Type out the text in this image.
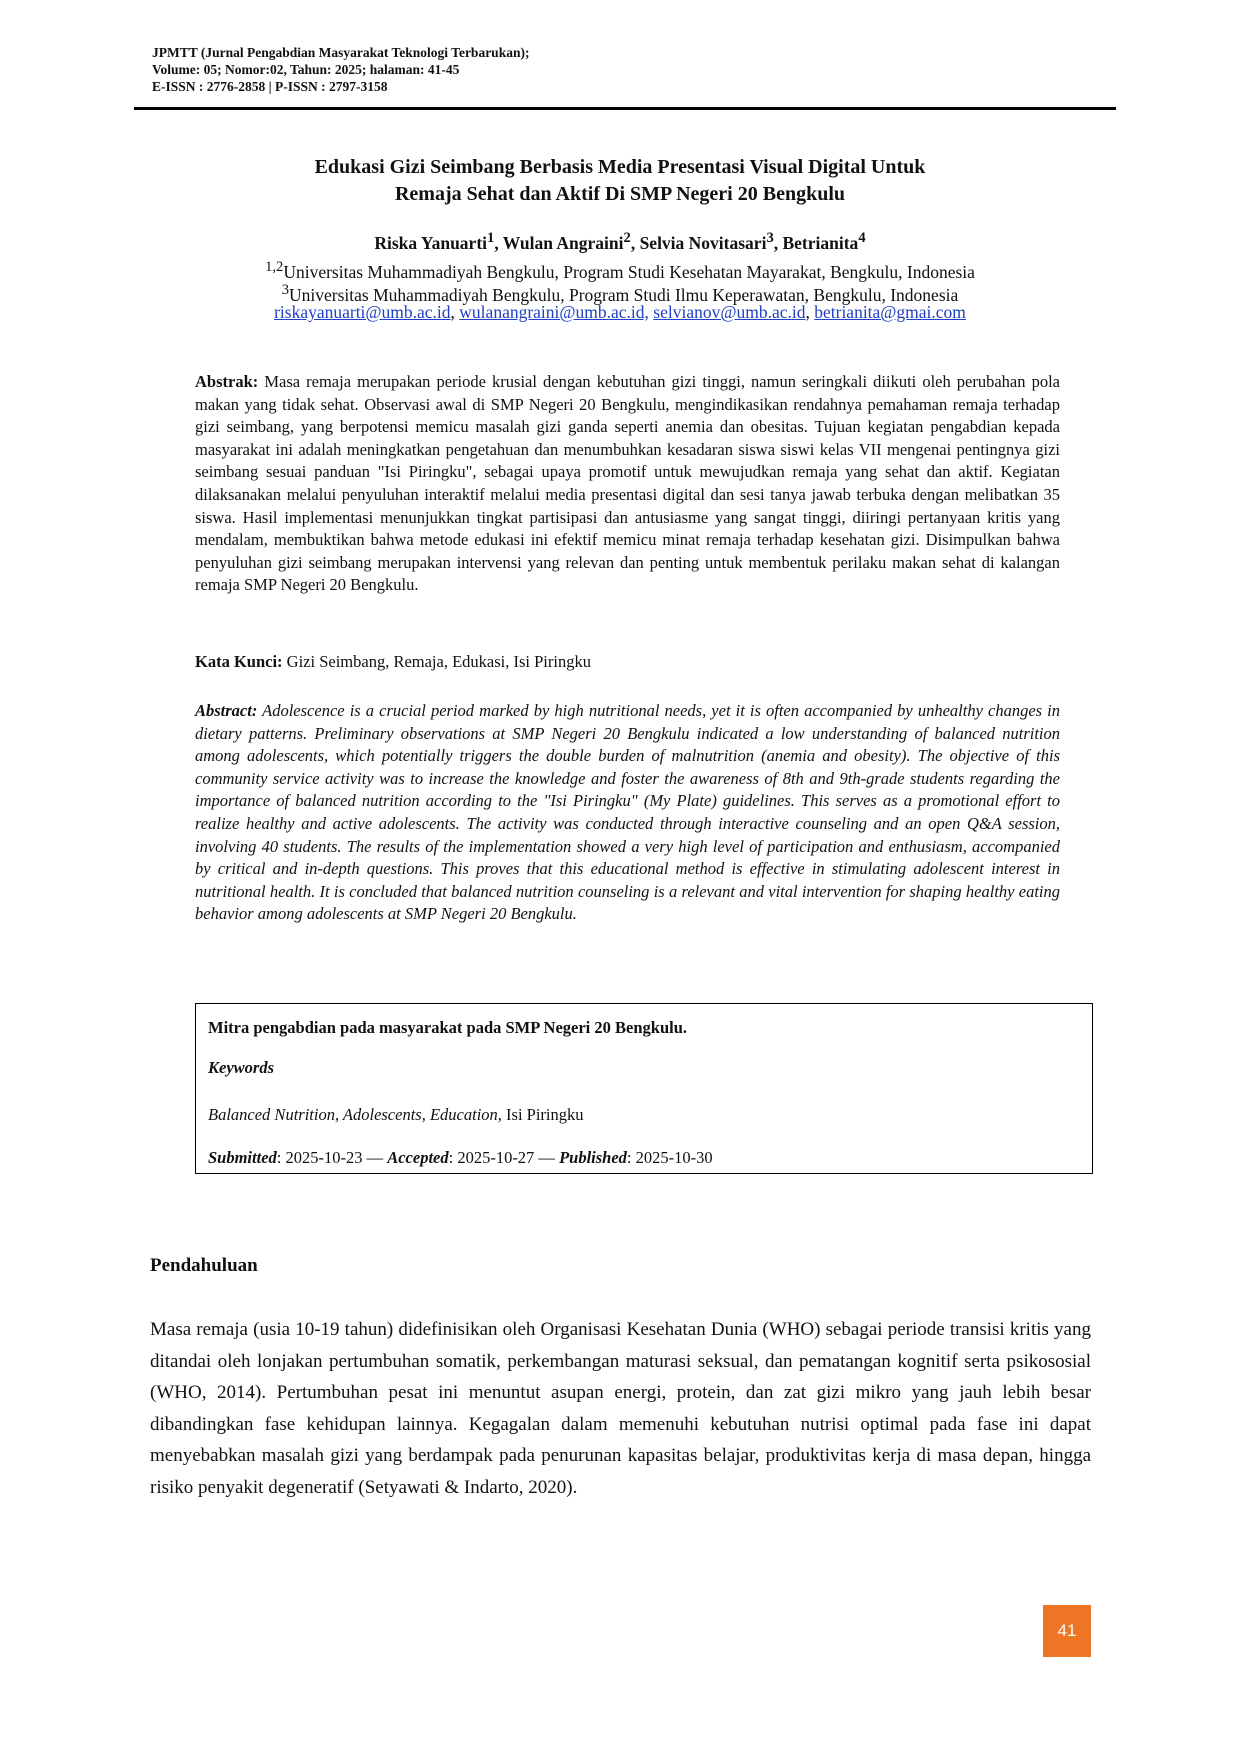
JPMTT (Jurnal Pengabdian Masyarakat Teknologi Terbarukan);
Volume: 05; Nomor:02, Tahun: 2025; halaman: 41-45
E-ISSN : 2776-2858 | P-ISSN : 2797-3158
Edukasi Gizi Seimbang Berbasis Media Presentasi Visual Digital Untuk
Remaja Sehat dan Aktif Di SMP Negeri 20 Bengkulu
Riska Yanuarti$^1$, Wulan Angraini$^2$, Selvia Novitasari$^3$, Betrianita$^4$
$^{1,2}$Universitas Muhammadiyah Bengkulu, Program Studi Kesehatan Mayarakat, Bengkulu, Indonesia
$^3$Universitas Muhammadiyah Bengkulu, Program Studi Ilmu Keperawatan, Bengkulu, Indonesia
riskayanuarti@umb.ac.id, wulanangraini@umb.ac.id, selvianov@umb.ac.id, betrianita@gmai.com
Abstrak: Masa remaja merupakan periode krusial dengan kebutuhan gizi tinggi, namun seringkali diikuti oleh perubahan pola makan yang tidak sehat. Observasi awal di SMP Negeri 20 Bengkulu, mengindikasikan rendahnya pemahaman remaja terhadap gizi seimbang, yang berpotensi memicu masalah gizi ganda seperti anemia dan obesitas. Tujuan kegiatan pengabdian kepada masyarakat ini adalah meningkatkan pengetahuan dan menumbuhkan kesadaran siswa siswi kelas VII mengenai pentingnya gizi seimbang sesuai panduan "Isi Piringku", sebagai upaya promotif untuk mewujudkan remaja yang sehat dan aktif. Kegiatan dilaksanakan melalui penyuluhan interaktif melalui media presentasi digital dan sesi tanya jawab terbuka dengan melibatkan 35 siswa. Hasil implementasi menunjukkan tingkat partisipasi dan antusiasme yang sangat tinggi, diiringi pertanyaan kritis yang mendalam, membuktikan bahwa metode edukasi ini efektif memicu minat remaja terhadap kesehatan gizi. Disimpulkan bahwa penyuluhan gizi seimbang merupakan intervensi yang relevan dan penting untuk membentuk perilaku makan sehat di kalangan remaja SMP Negeri 20 Bengkulu.
Kata Kunci: Gizi Seimbang, Remaja, Edukasi, Isi Piringku
Abstract: Adolescence is a crucial period marked by high nutritional needs, yet it is often accompanied by unhealthy changes in dietary patterns. Preliminary observations at SMP Negeri 20 Bengkulu indicated a low understanding of balanced nutrition among adolescents, which potentially triggers the double burden of malnutrition (anemia and obesity). The objective of this community service activity was to increase the knowledge and foster the awareness of 8th and 9th-grade students regarding the importance of balanced nutrition according to the "Isi Piringku" (My Plate) guidelines. This serves as a promotional effort to realize healthy and active adolescents. The activity was conducted through interactive counseling and an open Q&A session, involving 40 students. The results of the implementation showed a very high level of participation and enthusiasm, accompanied by critical and in-depth questions. This proves that this educational method is effective in stimulating adolescent interest in nutritional health. It is concluded that balanced nutrition counseling is a relevant and vital intervention for shaping healthy eating behavior among adolescents at SMP Negeri 20 Bengkulu.
Mitra pengabdian pada masyarakat pada SMP Negeri 20 Bengkulu.
Keywords
Balanced Nutrition, Adolescents, Education, Isi Piringku
Submitted: 2025-10-23 — Accepted: 2025-10-27 — Published: 2025-10-30
Pendahuluan
Masa remaja (usia 10-19 tahun) didefinisikan oleh Organisasi Kesehatan Dunia (WHO) sebagai periode transisi kritis yang ditandai oleh lonjakan pertumbuhan somatik, perkembangan maturasi seksual, dan pematangan kognitif serta psikososial (WHO, 2014). Pertumbuhan pesat ini menuntut asupan energi, protein, dan zat gizi mikro yang jauh lebih besar dibandingkan fase kehidupan lainnya. Kegagalan dalam memenuhi kebutuhan nutrisi optimal pada fase ini dapat menyebabkan masalah gizi yang berdampak pada penurunan kapasitas belajar, produktivitas kerja di masa depan, hingga risiko penyakit degeneratif (Setyawati & Indarto, 2020).
41
